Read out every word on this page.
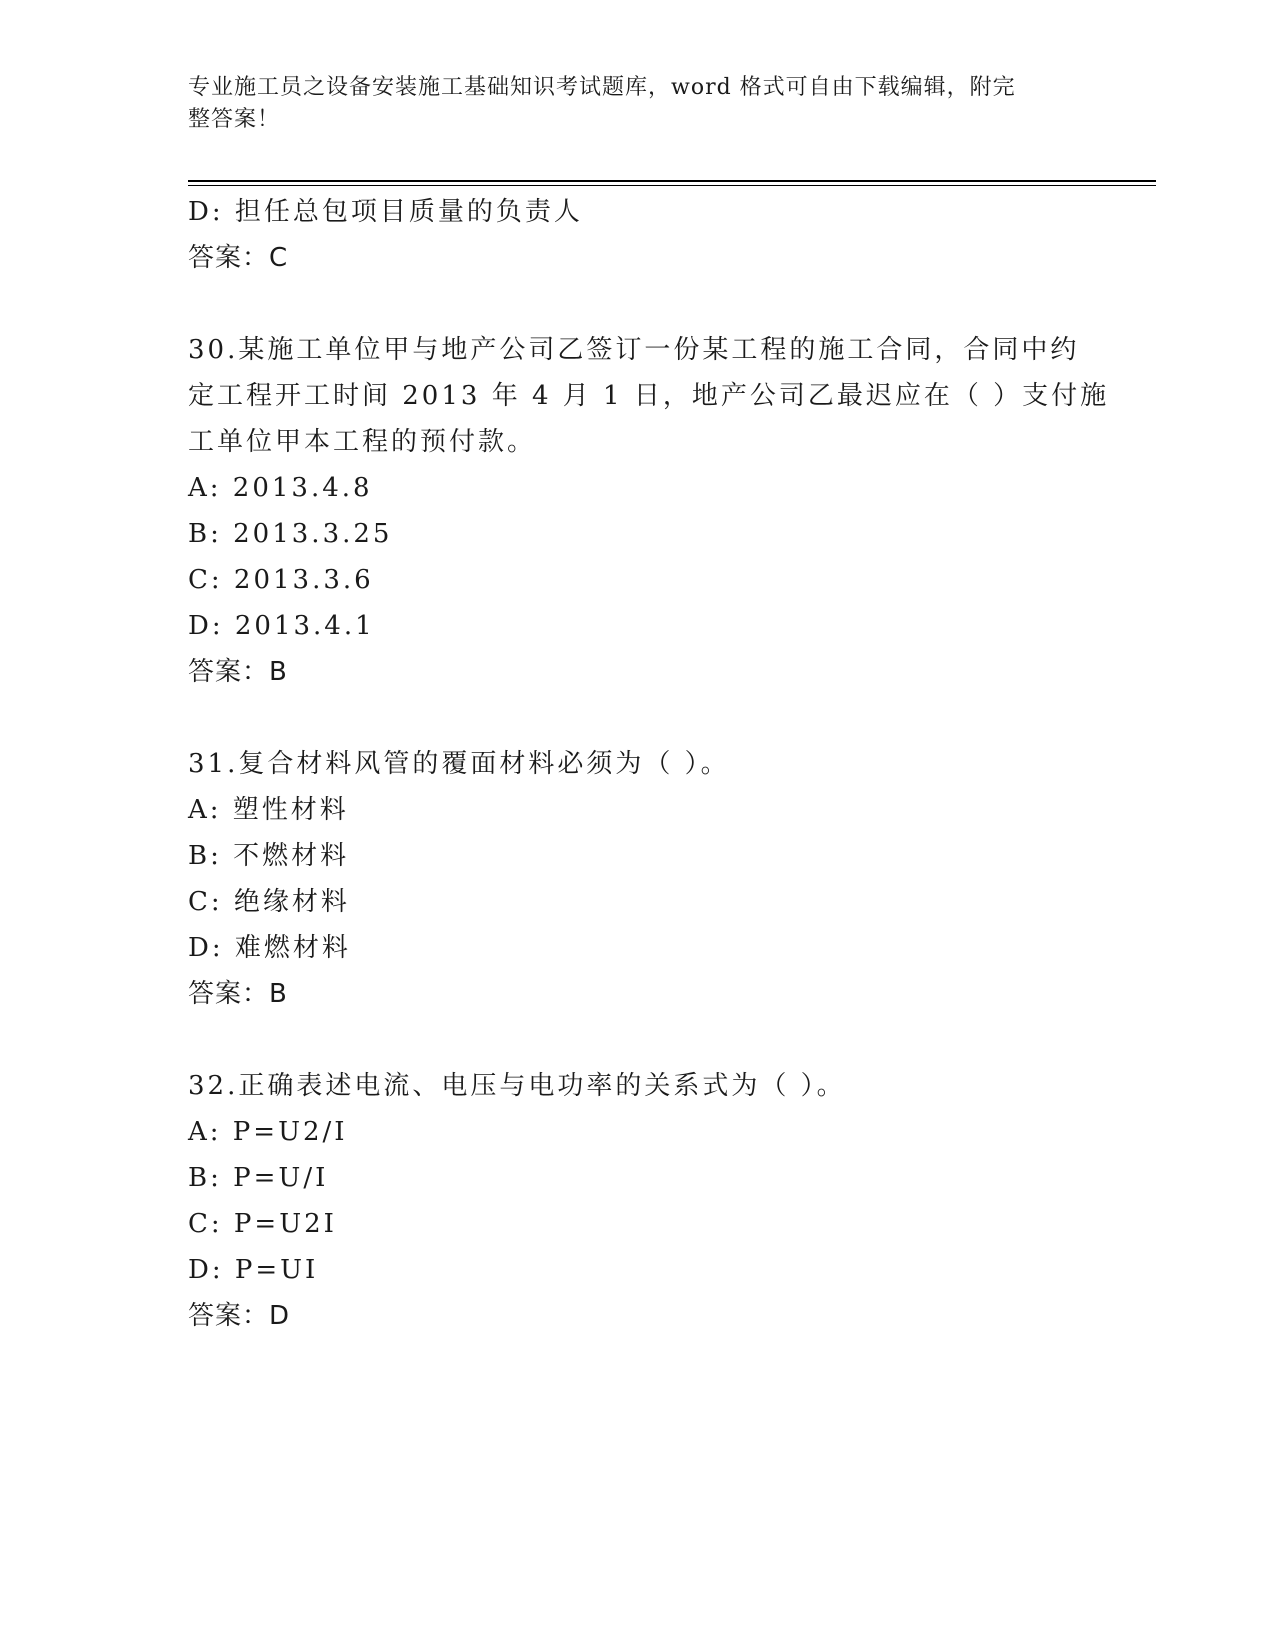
专业施工员之设备安装施工基础知识考试题库，word 格式可自由下载编辑，附完
整答案！
D: 担任总包项目质量的负责人
答案：C
30.某施工单位甲与地产公司乙签订一份某工程的施工合同，合同中约
定工程开工时间 2013 年 4 月 1 日，地产公司乙最迟应在（ ）支付施
工单位甲本工程的预付款。
A: 2013.4.8
B: 2013.3.25
C: 2013.3.6
D: 2013.4.1
答案：B
31.复合材料风管的覆面材料必须为（ ）。
A: 塑性材料
B: 不燃材料
C: 绝缘材料
D: 难燃材料
答案：B
32.正确表述电流、电压与电功率的关系式为（ ）。
A: P=U2/I
B: P=U/I
C: P=U2I
D: P=UI
答案：D
